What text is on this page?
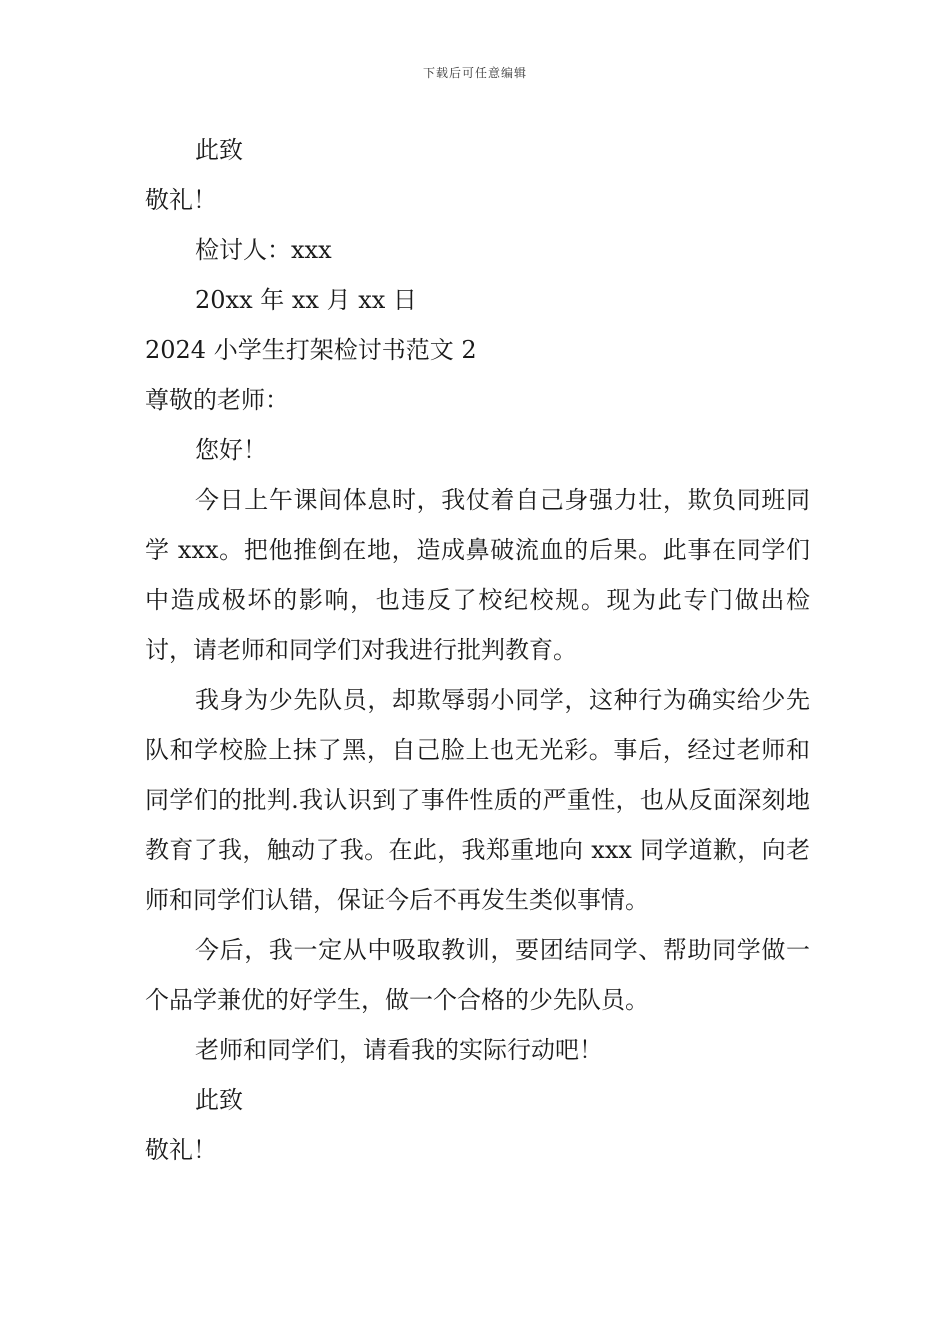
下载后可任意编辑

此致

敬礼！

检讨人：xxx

20xx 年 xx 月 xx 日

2024 小学生打架检讨书范文 2

尊敬的老师：

您好！

今日上午课间体息时，我仗着自己身强力壮，欺负同班同学 xxx。把他推倒在地，造成鼻破流血的后果。此事在同学们中造成极坏的影响，也违反了校纪校规。现为此专门做出检讨，请老师和同学们对我进行批判教育。

我身为少先队员，却欺辱弱小同学，这种行为确实给少先队和学校脸上抹了黑，自己脸上也无光彩。事后，经过老师和同学们的批判.我认识到了事件性质的严重性，也从反面深刻地教育了我，触动了我。在此，我郑重地向 xxx 同学道歉，向老师和同学们认错，保证今后不再发生类似事情。

今后，我一定从中吸取教训，要团结同学、帮助同学做一个品学兼优的好学生，做一个合格的少先队员。

老师和同学们，请看我的实际行动吧！

此致

敬礼！
